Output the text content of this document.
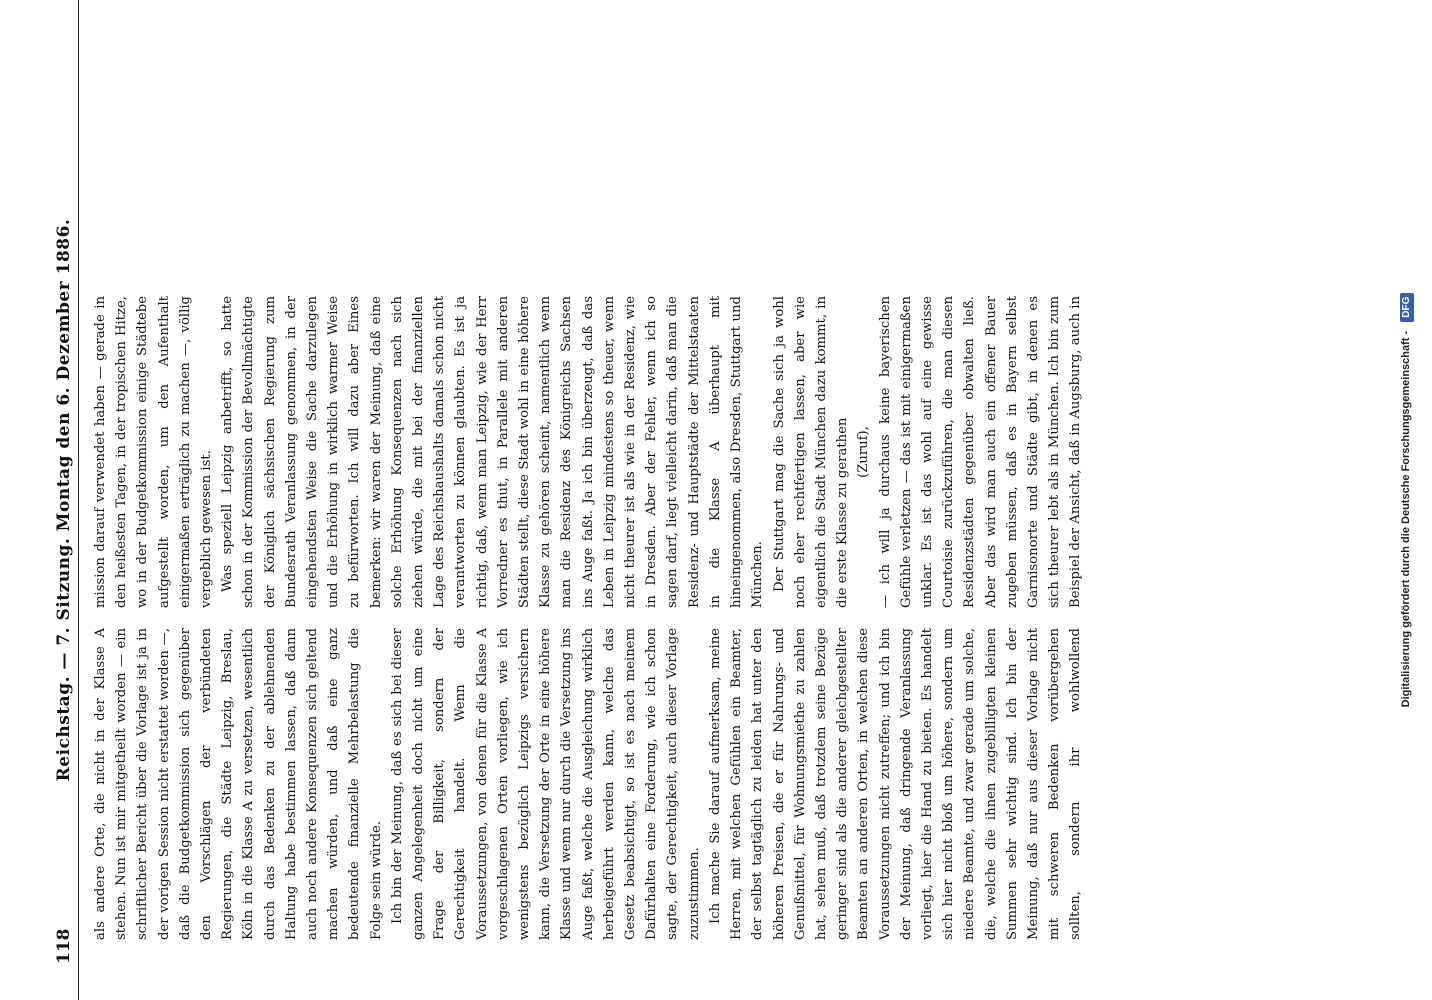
118
Reichstag. — 7. Sitzung. Montag den 6. Dezember 1886.

als andere Orte, die nicht in der Klasse A stehen. Nun ist mir mitgetheilt worden — ein schriftlicher Bericht über die Vorlage ist ja in der vorigen Session nicht erstattet worden —, daß die Budgetkommission sich gegenüber den Vorschlägen der verbündeten Regierungen, die Städte Leipzig, Breslau, Köln in die Klasse A zu versetzen, wesentlich durch das Bedenken zu der ablehnenden Haltung habe bestimmen lassen, daß dann auch noch andere Konsequenzen sich geltend machen würden, und daß eine ganz bedeutende finanzielle Mehrbelastung die Folge sein würde. Ich bin der Meinung, daß es sich bei dieser ganzen Angelegenheit doch nicht um eine Frage der Billigkeit, sondern der Gerechtigkeit handelt. Wenn die Voraussetzungen, von denen für die Klasse A vorgeschlagenen Orten vorliegen, wie ich wenigstens bezüglich Leipzigs versichern kann, die Versetzung der Orte in eine höhere Klasse und wenn nur durch die Versetzung ins Auge faßt, welche die Ausgleichung wirklich herbeigeführt werden kann, welche das Gesetz beabsichtigt, so ist es nach meinem Dafürhalten eine Forderung, wie ich schon sagte, der Gerechtigkeit, auch dieser Vorlage zuzustimmen. Ich mache Sie darauf aufmerksam, meine Herren, mit welchen Gefühlen ein Beamter, der selbst tagtäglich zu leiden hat unter den höheren Preisen, die er für Nahrungs- und Genußmittel, für Wohnungsmiethe zu zahlen hat, sehen muß, daß trotzdem seine Bezüge geringer sind als die anderer gleichgestellter Beamten an anderen Orten, in welchen diese Voraussetzungen nicht zutreffen; und ich bin der Meinung, daß dringende Veranlassung vorliegt, hier die Hand zu bieten. Es handelt sich hier nicht bloß um höhere, sondern um niedere Beamte, und zwar gerade um solche, die, welche die ihnen zugebilligten kleinen Summen sehr wichtig sind. Ich bin der Meinung, daß nur aus dieser Vorlage nicht mit schweren Bedenken vorübergehen sollten, sondern ihr wohlwollend

mission darauf verwendet haben — gerade in den heißesten Tagen, in der tropischen Hitze, wo in der Budgetkommission einige Städtebe aufgestellt worden, um den Aufenthalt einigermaßen erträglich zu machen —, völlig vergeblich gewesen ist. Was speziell Leipzig anbetrifft, so hatte schon in der Kommission der Bevollmächtigte der Königlich sächsischen Regierung zum Bundesrath Veranlassung genommen, in der eingehendsten Weise die Sache darzulegen und die Erhöhung in wirklich warmer Weise zu befürworten. Ich will dazu aber Eines bemerken: wir waren der Meinung, daß eine solche Erhöhung Konsequenzen nach sich ziehen würde, die mit bei der finanziellen Lage des Reichshaushalts damals schon nicht verantworten zu können glaubten. Es ist ja richtig, daß, wenn man Leipzig, wie der Herr Vorredner es thut, in Parallele mit anderen Städten stellt, diese Stadt wohl in eine höhere Klasse zu gehören scheint, namentlich wenn man die Residenz des Königreichs Sachsen ins Auge faßt. Ja ich bin überzeugt, daß das Leben in Leipzig mindestens so theuer, wenn nicht theurer ist als wie in der Residenz, wie in Dresden. Aber der Fehler, wenn ich so sagen darf, liegt vielleicht darin, daß man die Residenz- und Hauptstädte der Mittelstaaten in die Klasse A überhaupt mit hineingenommen, also Dresden, Stuttgart und München. Der Stuttgart mag die Sache sich ja wohl noch eher rechtfertigen lassen, aber wie eigentlich die Stadt München dazu kommt, in die erste Klasse zu gerathen (Zuruf),

— ich will ja durchaus keine bayerischen Gefühle verletzen — das ist mit einigermaßen unklar. Es ist das wohl auf eine gewisse Courtoisie zurückzuführen, die man diesen Residenzstädten gegenüber obwalten ließ. Aber das wird man auch ein offener Bauer zugeben müssen, daß es in Bayern selbst Garnisonorte und Städte gibt, in denen es sich theurer lebt als in München. Ich bin zum Beispiel der Ansicht, daß in Augsburg, auch in

Digitalisierung gefördert durch die Deutsche Forschungsgemeinschaft - DFG
